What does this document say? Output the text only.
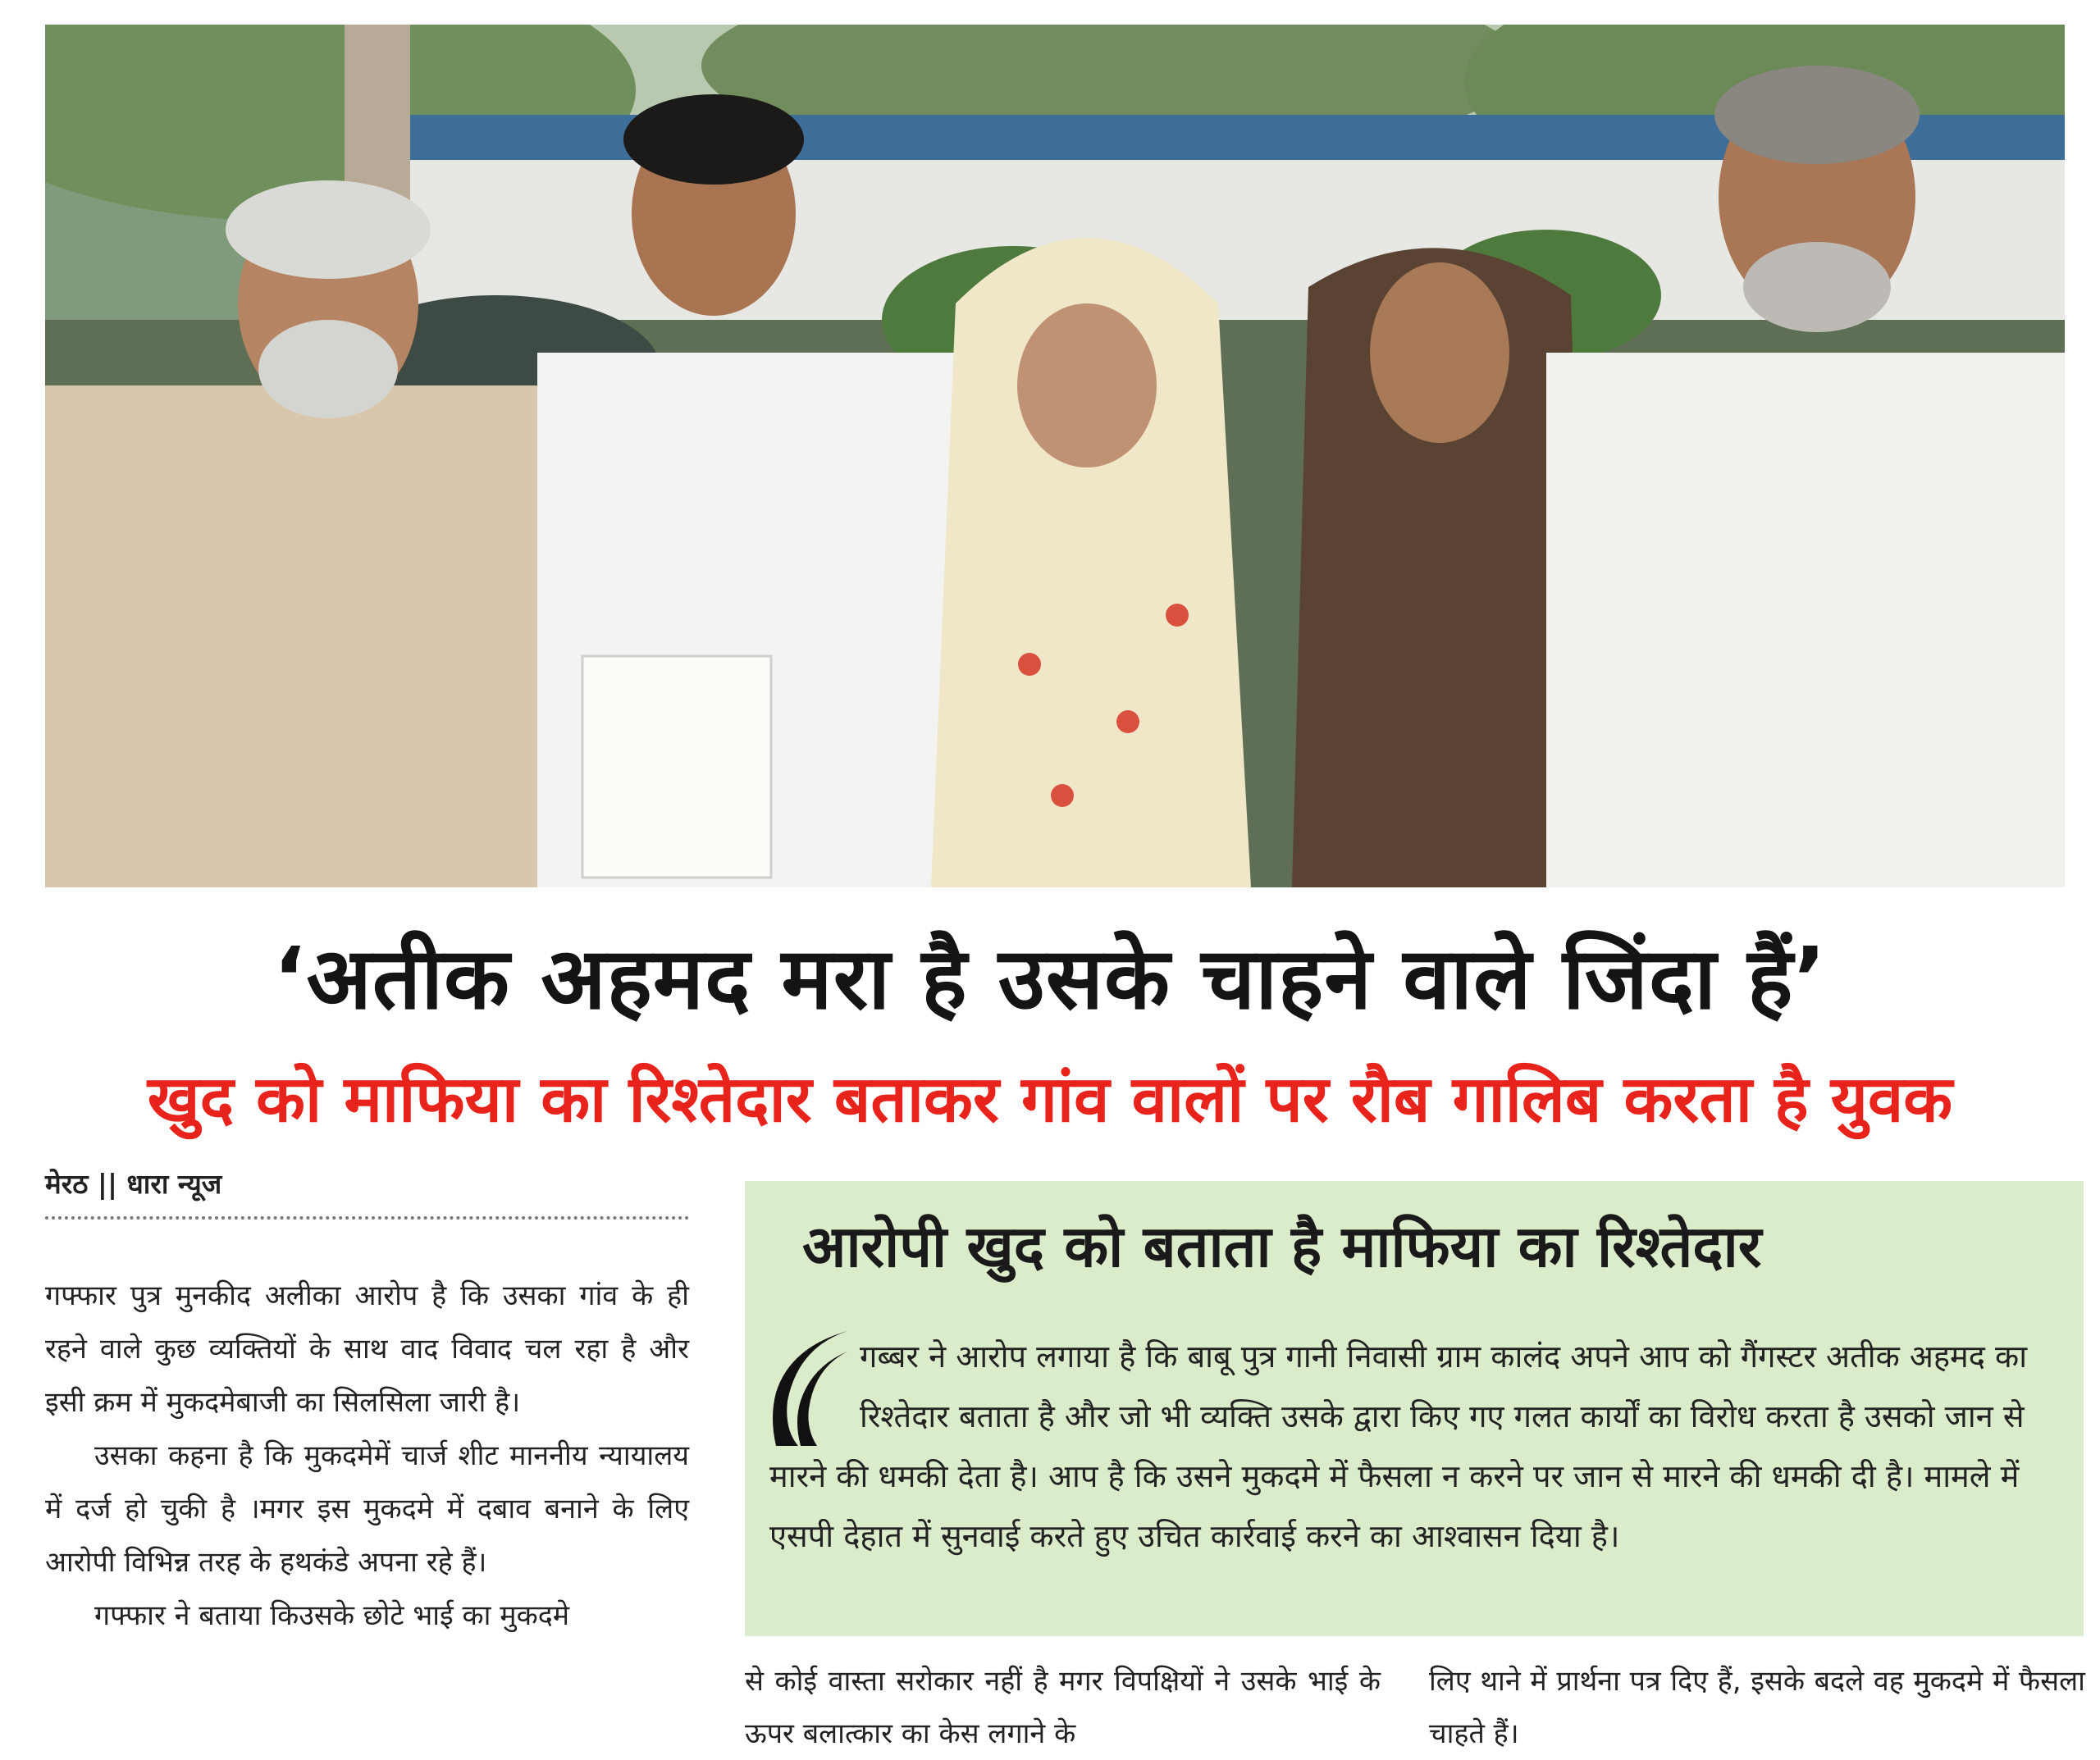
‘अतीक अहमद मरा है उसके चाहने वाले जिंदा हैं’
खुद को माफिया का रिश्तेदार बताकर गांव वालों पर रौब गालिब करता है युवक
मेरठ || धारा न्यूज

गफ्फार पुत्र मुनकीद अलीका आरोप है कि उसका गांव के ही रहने वाले कुछ व्यक्तियों के साथ वाद विवाद चल रहा है और इसी क्रम में मुकदमेबाजी का सिलसिला जारी है।

उसका कहना है कि मुकदमेमें चार्ज शीट माननीय न्यायालय में दर्ज हो चुकी है ।मगर इस मुकदमे में दबाव बनाने के लिए आरोपी विभिन्न तरह के हथकंडे अपना रहे हैं।

गफ्फार ने बताया किउसके छोटे भाई का मुकदमे

आरोपी खुद को बताता है माफिया का रिश्तेदार
गब्बर ने आरोप लगाया है कि बाबू पुत्र गानी निवासी ग्राम कालंद अपने आप को गैंगस्टर अतीक अहमद का रिश्तेदार बताता है और जो भी व्यक्ति उसके द्वारा किए गए गलत कार्यों का विरोध करता है उसको जान से मारने की धमकी देता है। आप है कि उसने मुकदमे में फैसला न करने पर जान से मारने की धमकी दी है। मामले में एसपी देहात में सुनवाई करते हुए उचित कार्रवाई करने का आश्वासन दिया है।

से कोई वास्ता सरोकार नहीं है मगर विपक्षियों ने उसके भाई के ऊपर बलात्कार का केस लगाने के

लिए थाने में प्रार्थना पत्र दिए हैं, इसके बदले वह मुकदमे में फैसला चाहते हैं।
